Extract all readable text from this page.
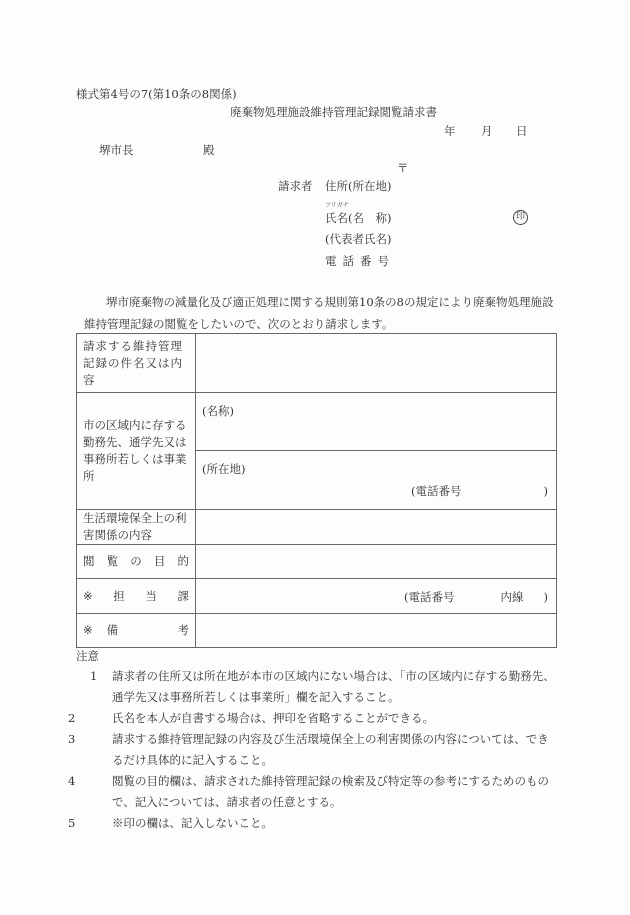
様式第4号の7(第10条の8関係)
廃棄物処理施設維持管理記録閲覧請求書
年 月 日
堺市長	殿
〒
請求者 住所(所在地)
フリガナ
氏名(名　称)	印
(代表者氏名)
電話番号
堺市廃棄物の減量化及び適正処理に関する規則第10条の8の規定により廃棄物処理施設維持管理記録の閲覧をしたいので、次のとおり請求します。
請求する維持管理記録の件名又は内容	
市の区域内に存する勤務先、通学先又は事務所若しくは事業所	(名称)

	(所在地)
(電話番号 )

生活環境保全上の利害関係の内容	

閲 覧 の 目 的	

※ 担 当 課	(電話番号 内線 )

※ 備 考	

注意
1 請求者の住所又は所在地が本市の区域内にない場合は、「市の区域内に存する勤務先、通学先又は事務所若しくは事業所」欄を記入すること。
2	氏名を本人が自書する場合は、押印を省略することができる。
3	請求する維持管理記録の内容及び生活環境保全上の利害関係の内容については、できるだけ具体的に記入すること。
4	閲覧の目的欄は、請求された維持管理記録の検索及び特定等の参考にするためのもので、記入については、請求者の任意とする。
5	※印の欄は、記入しないこと。
